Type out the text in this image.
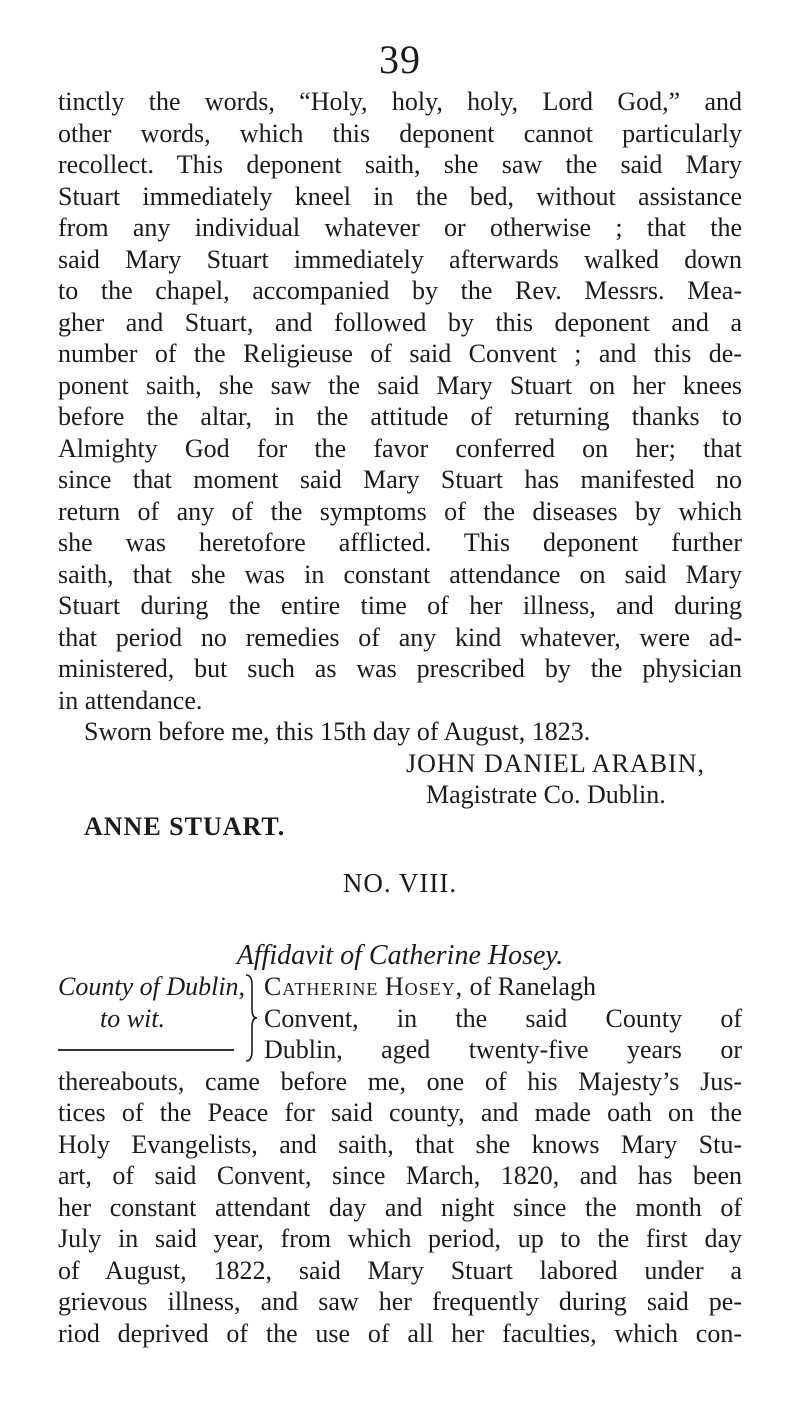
39
tinctly the words, “Holy, holy, holy, Lord God,” and
other words, which this deponent cannot particularly
recollect. This deponent saith, she saw the said Mary
Stuart immediately kneel in the bed, without assistance
from any individual whatever or otherwise ; that the
said Mary Stuart immediately afterwards walked down
to the chapel, accompanied by the Rev. Messrs. Mea-
gher and Stuart, and followed by this deponent and a
number of the Religieuse of said Convent ; and this de-
ponent saith, she saw the said Mary Stuart on her knees
before the altar, in the attitude of returning thanks to
Almighty God for the favor conferred on her; that
since that moment said Mary Stuart has manifested no
return of any of the symptoms of the diseases by which
she was heretofore afflicted. This deponent further
saith, that she was in constant attendance on said Mary
Stuart during the entire time of her illness, and during
that period no remedies of any kind whatever, were ad-
ministered, but such as was prescribed by the physician
in attendance.
Sworn before me, this 15th day of August, 1823.
JOHN DANIEL ARABIN,
Magistrate Co. Dublin.
ANNE STUART.
NO. VIII.
Affidavit of Catherine Hosey.
County of Dublin,
to wit.
Catherine Hosey, of Ranelagh
Convent, in the said County of
Dublin, aged twenty-five years or
thereabouts, came before me, one of his Majesty’s Jus-
tices of the Peace for said county, and made oath on the
Holy Evangelists, and saith, that she knows Mary Stu-
art, of said Convent, since March, 1820, and has been
her constant attendant day and night since the month of
July in said year, from which period, up to the first day
of August, 1822, said Mary Stuart labored under a
grievous illness, and saw her frequently during said pe-
riod deprived of the use of all her faculties, which con-
